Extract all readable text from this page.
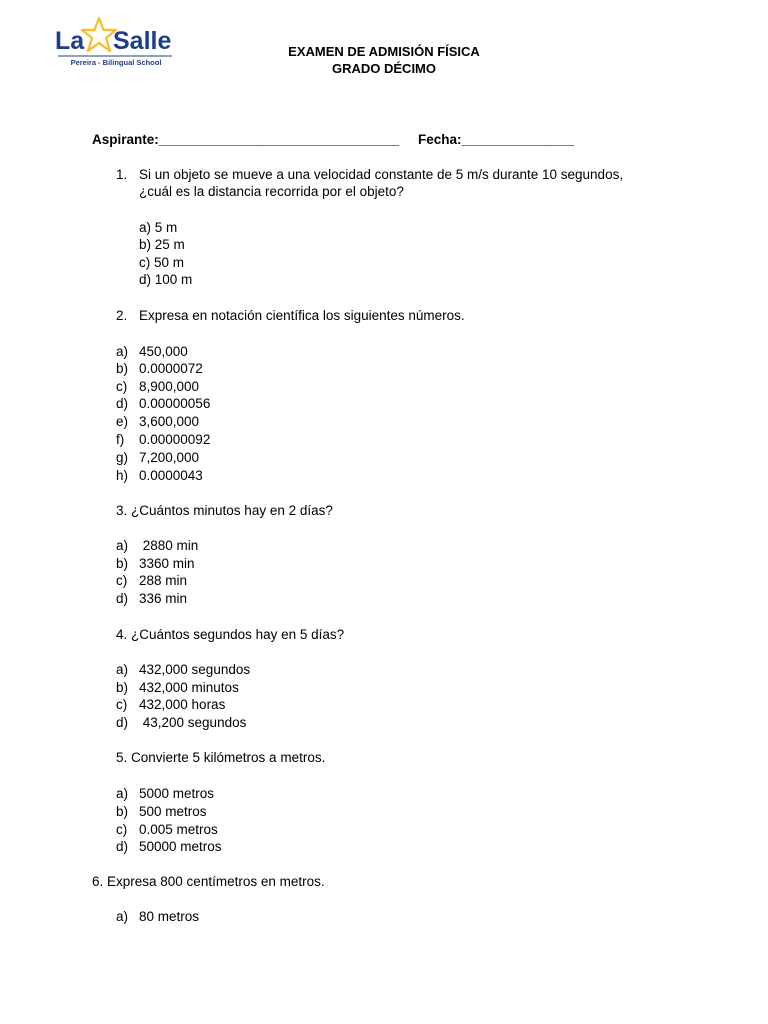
La Salle
Pereira - Bilingual School
EXAMEN DE ADMISIÓN FÍSICA
GRADO DÉCIMO
Aspirante:________________________________ Fecha:_______________
1. Si un objeto se mueve a una velocidad constante de 5 m/s durante 10 segundos,
¿cuál es la distancia recorrida por el objeto?
a) 5 m
b) 25 m
c) 50 m
d) 100 m
2. Expresa en notación científica los siguientes números.
a) 450,000
b) 0.0000072
c) 8,900,000
d) 0.00000056
e) 3,600,000
f) 0.00000092
g) 7,200,000
h) 0.0000043
3. ¿Cuántos minutos hay en 2 días?
a) 2880 min
b) 3360 min
c) 288 min
d) 336 min
4. ¿Cuántos segundos hay en 5 días?
a) 432,000 segundos
b) 432,000 minutos
c) 432,000 horas
d) 43,200 segundos
5. Convierte 5 kilómetros a metros.
a) 5000 metros
b) 500 metros
c) 0.005 metros
d) 50000 metros
6. Expresa 800 centímetros en metros.
a) 80 metros
